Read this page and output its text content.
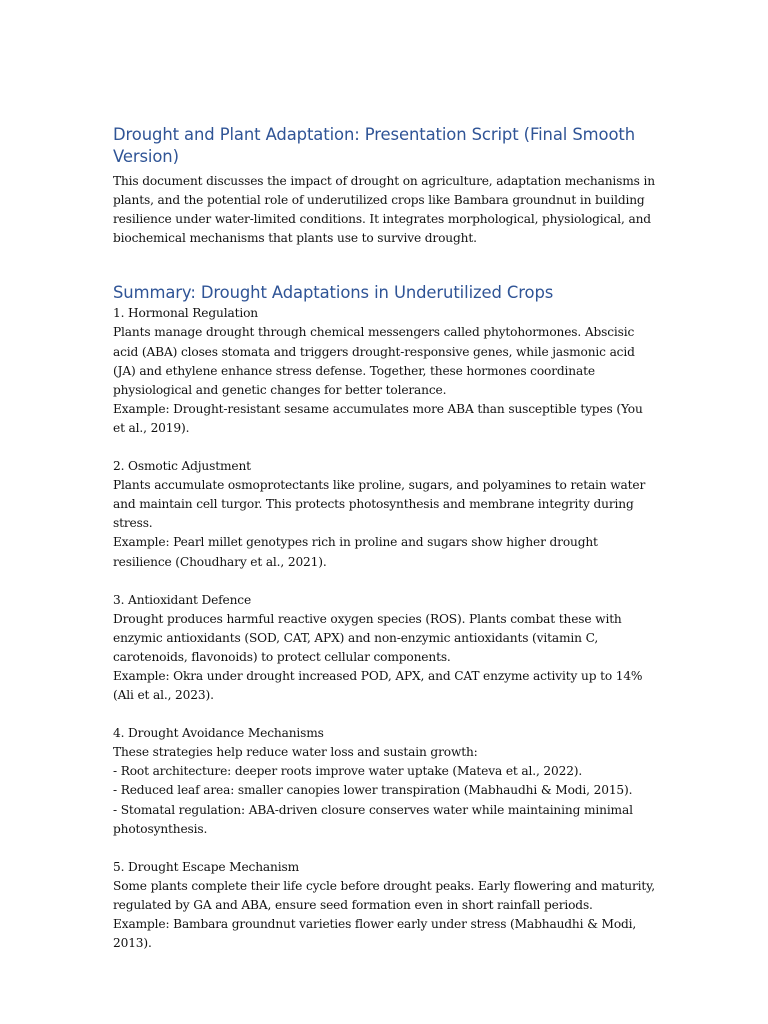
Drought and Plant Adaptation: Presentation Script (Final Smooth Version)

This document discusses the impact of drought on agriculture, adaptation mechanisms in plants, and the potential role of underutilized crops like Bambara groundnut in building resilience under water-limited conditions. It integrates morphological, physiological, and biochemical mechanisms that plants use to survive drought.

Summary: Drought Adaptations in Underutilized Crops

1. Hormonal Regulation

Plants manage drought through chemical messengers called phytohormones. Abscisic acid (ABA) closes stomata and triggers drought-responsive genes, while jasmonic acid (JA) and ethylene enhance stress defense. Together, these hormones coordinate physiological and genetic changes for better tolerance.

Example: Drought-resistant sesame accumulates more ABA than susceptible types (You et al., 2019).

2. Osmotic Adjustment

Plants accumulate osmoprotectants like proline, sugars, and polyamines to retain water and maintain cell turgor. This protects photosynthesis and membrane integrity during stress.

Example: Pearl millet genotypes rich in proline and sugars show higher drought resilience (Choudhary et al., 2021).

3. Antioxidant Defence

Drought produces harmful reactive oxygen species (ROS). Plants combat these with enzymic antioxidants (SOD, CAT, APX) and non-enzymic antioxidants (vitamin C, carotenoids, flavonoids) to protect cellular components.

Example: Okra under drought increased POD, APX, and CAT enzyme activity up to 14% (Ali et al., 2023).

4. Drought Avoidance Mechanisms

These strategies help reduce water loss and sustain growth:

- Root architecture: deeper roots improve water uptake (Mateva et al., 2022).

- Reduced leaf area: smaller canopies lower transpiration (Mabhaudhi & Modi, 2015).

- Stomatal regulation: ABA-driven closure conserves water while maintaining minimal photosynthesis.

5. Drought Escape Mechanism

Some plants complete their life cycle before drought peaks. Early flowering and maturity, regulated by GA and ABA, ensure seed formation even in short rainfall periods.

Example: Bambara groundnut varieties flower early under stress (Mabhaudhi & Modi, 2013).
